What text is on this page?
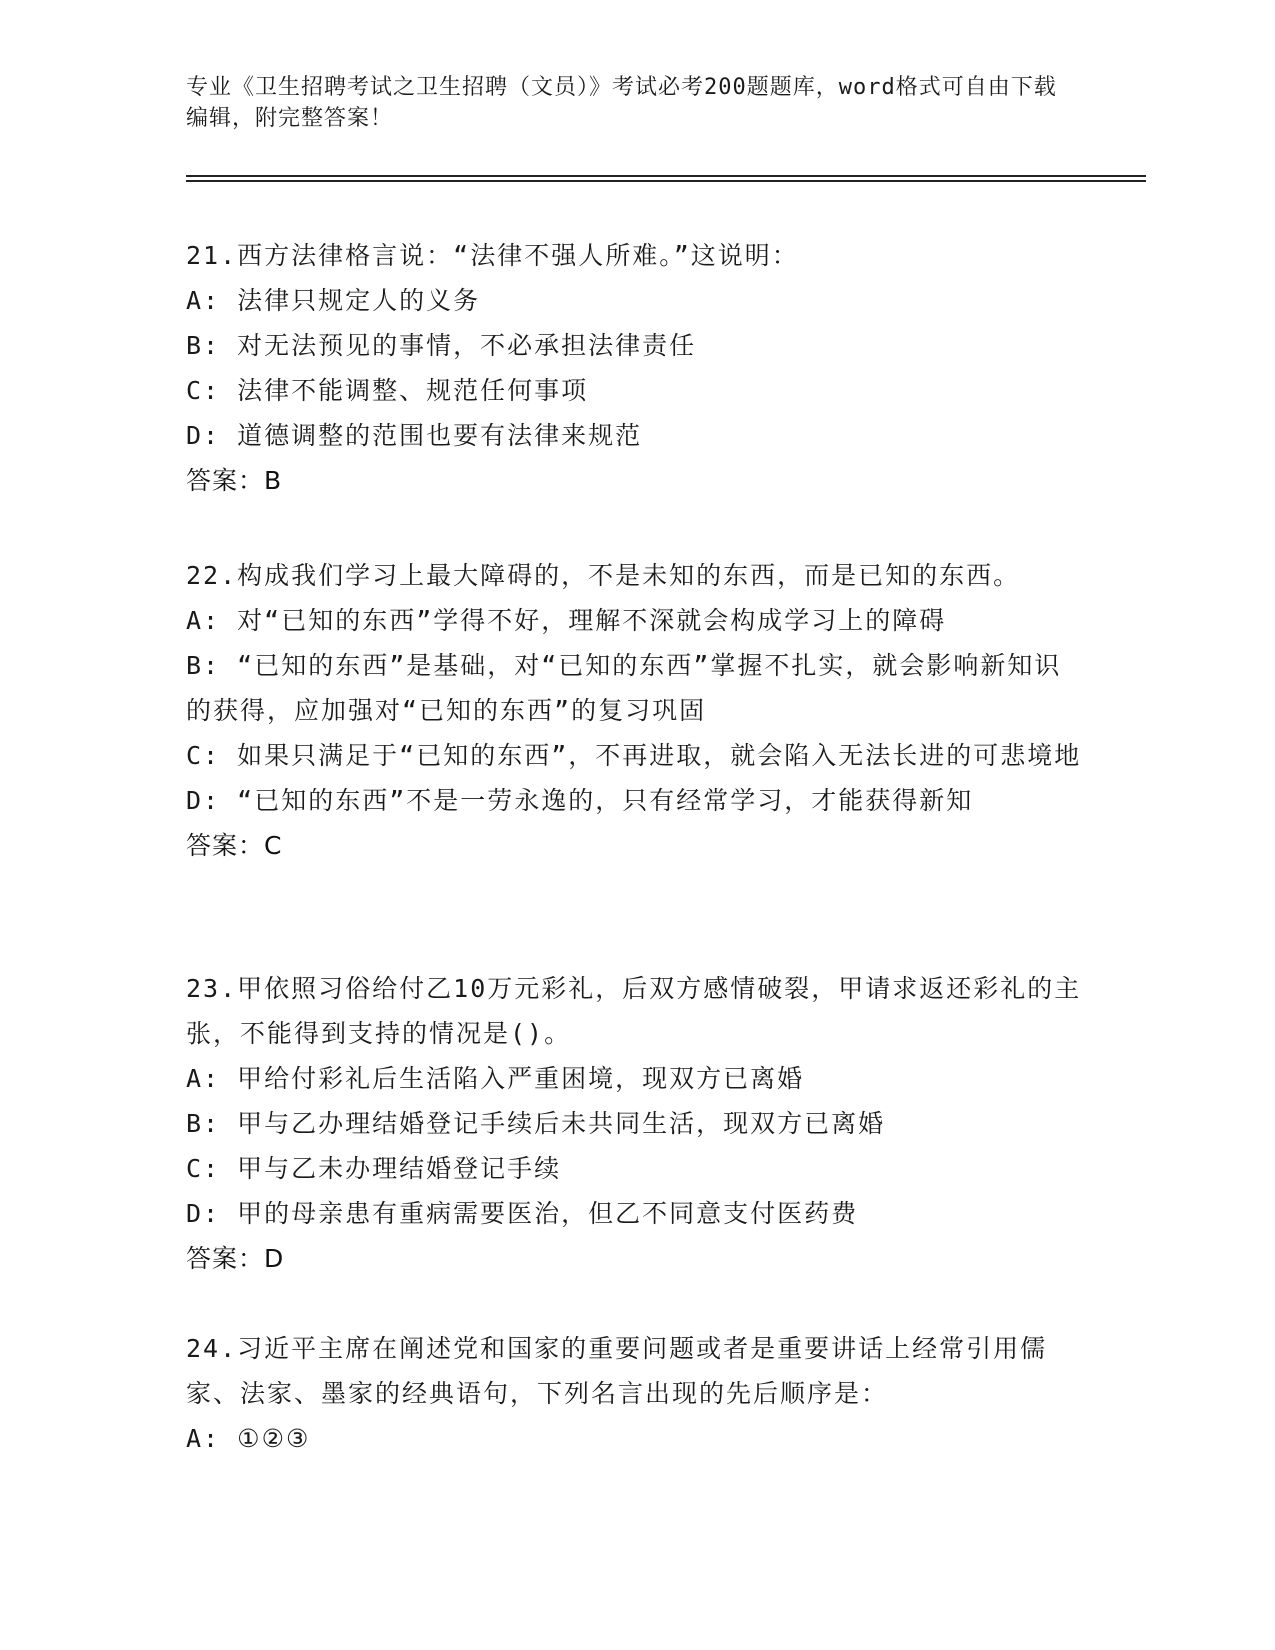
专业《卫生招聘考试之卫生招聘（文员）》考试必考200题题库，word格式可自由下载编辑，附完整答案！

21.西方法律格言说：“法律不强人所难。”这说明：

A: 法律只规定人的义务

B: 对无法预见的事情，不必承担法律责任

C: 法律不能调整、规范任何事项

D: 道德调整的范围也要有法律来规范

答案：B

22.构成我们学习上最大障碍的，不是未知的东西，而是已知的东西。

A: 对“已知的东西”学得不好，理解不深就会构成学习上的障碍

B: “已知的东西”是基础，对“已知的东西”掌握不扎实，就会影响新知识的获得，应加强对“已知的东西”的复习巩固

C: 如果只满足于“已知的东西”，不再进取，就会陷入无法长进的可悲境地

D: “已知的东西”不是一劳永逸的，只有经常学习，才能获得新知

答案：C

23.甲依照习俗给付乙10万元彩礼，后双方感情破裂，甲请求返还彩礼的主张，不能得到支持的情况是()。

A: 甲给付彩礼后生活陷入严重困境，现双方已离婚

B: 甲与乙办理结婚登记手续后未共同生活，现双方已离婚

C: 甲与乙未办理结婚登记手续

D: 甲的母亲患有重病需要医治，但乙不同意支付医药费

答案：D

24.习近平主席在阐述党和国家的重要问题或者是重要讲话上经常引用儒家、法家、墨家的经典语句，下列名言出现的先后顺序是：

A: ①②③
